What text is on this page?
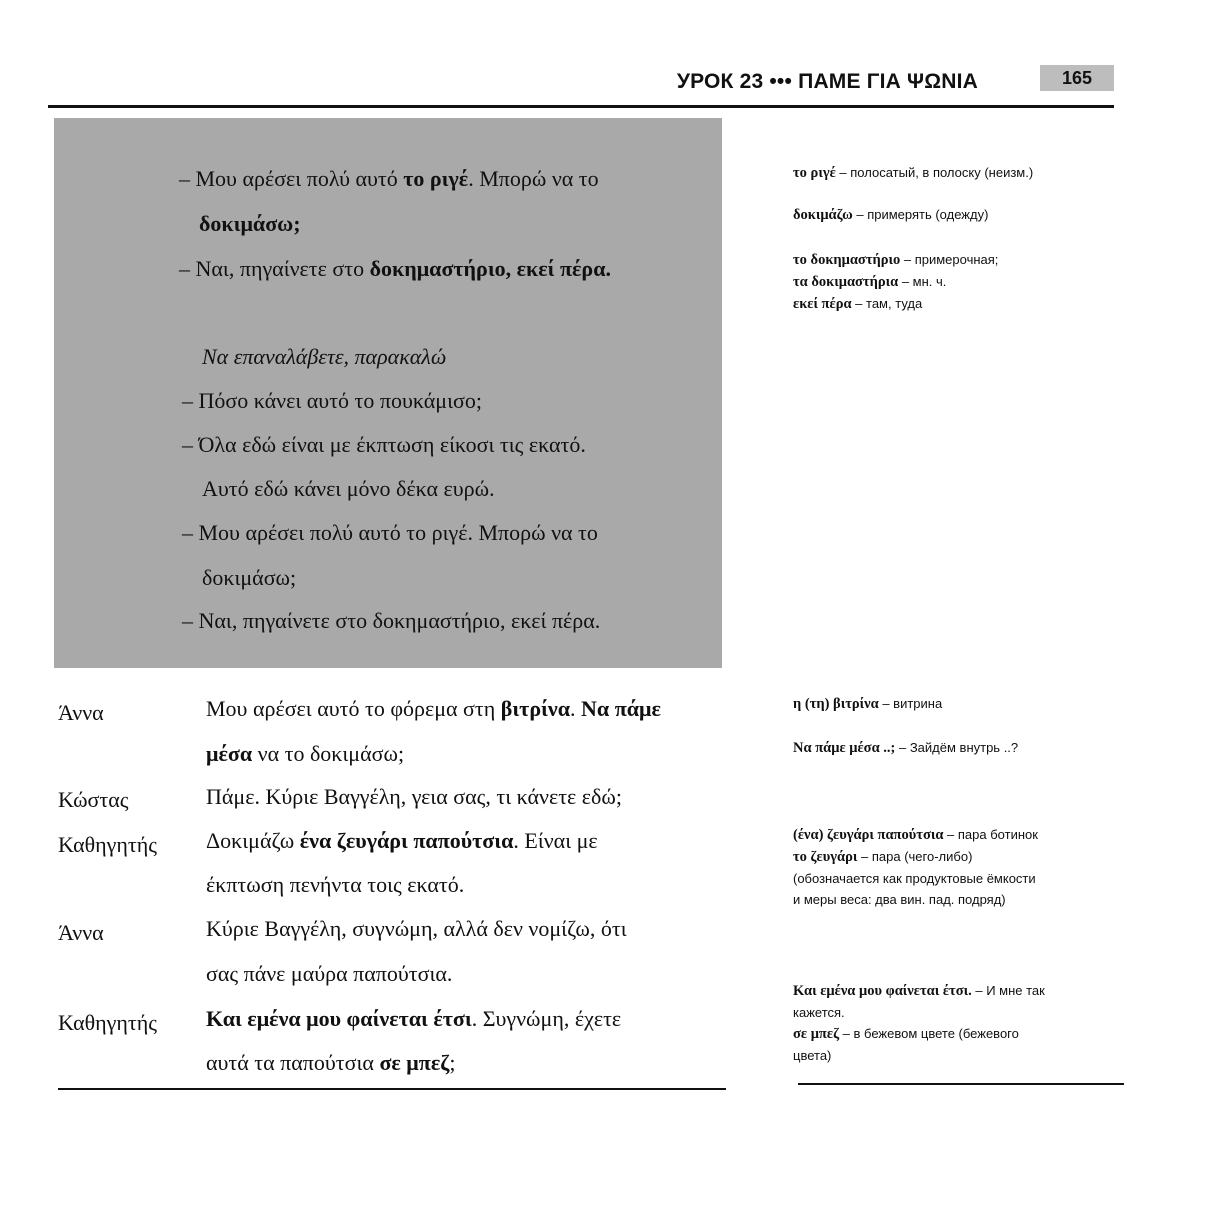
УРОК 23 ••• ΠΑΜΕ ΓΙΑ ΨΩΝΙΑ	165
– Μου αρέσει πολύ αυτό το ριγέ. Μπορώ να το
δοκιμάσω;
– Ναι, πηγαίνετε στο δοκημαστήριο, εκεί πέρα.
Να επαναλάβετε, παρακαλώ
– Πόσο κάνει αυτό το πουκάμισο;
– Όλα εδώ είναι με έκπτωση είκοσι τις εκατό.
Αυτό εδώ κάνει μόνο δέκα ευρώ.
– Μου αρέσει πολύ αυτό το ριγέ. Μπορώ να το
δοκιμάσω;
– Ναι, πηγαίνετε στο δοκημαστήριο, εκεί πέρα.
το ριγέ – полосатый, в полоску (неизм.)
δοκιμάζω – примерять (одежду)
το δοκημαστήριο – примерочная;
τα δοκιμαστήρια – мн. ч.
εκεί πέρα – там, туда
Άννα	Μου αρέσει αυτό το φόρεμα στη βιτρίνα. Να πάμε
μέσα να το δοκιμάσω;
Κώστας	Πάμε. Κύριε Βαγγέλη, γεια σας, τι κάνετε εδώ;
Καθηγητής Δοκιμάζω ένα ζευγάρι παπούτσια. Είναι με
έκπτωση πενήντα τοις εκατό.
Άννα	Κύριε Βαγγέλη, συγνώμη, αλλά δεν νομίζω, ότι
σας πάνε μαύρα παπούτσια.
Καθηγητής Και εμένα μου φαίνεται έτσι. Συγνώμη, έχετε
αυτά τα παπούτσια σε μπεζ;
η (τη) βιτρίνα – витрина
Να πάμε μέσα ..; – Зайдём внутрь ..?
(ένα) ζευγάρι παπούτσια – пара ботинок
το ζευγάρι – пара (чего-либо)
(обозначается как продуктовые ёмкости
и меры веса: два вин. пад. подряд)
Και εμένα μου φαίνεται έτσι. – И мне так
кажется.
σε μπεζ – в бежевом цвете (бежевого
цвета)
